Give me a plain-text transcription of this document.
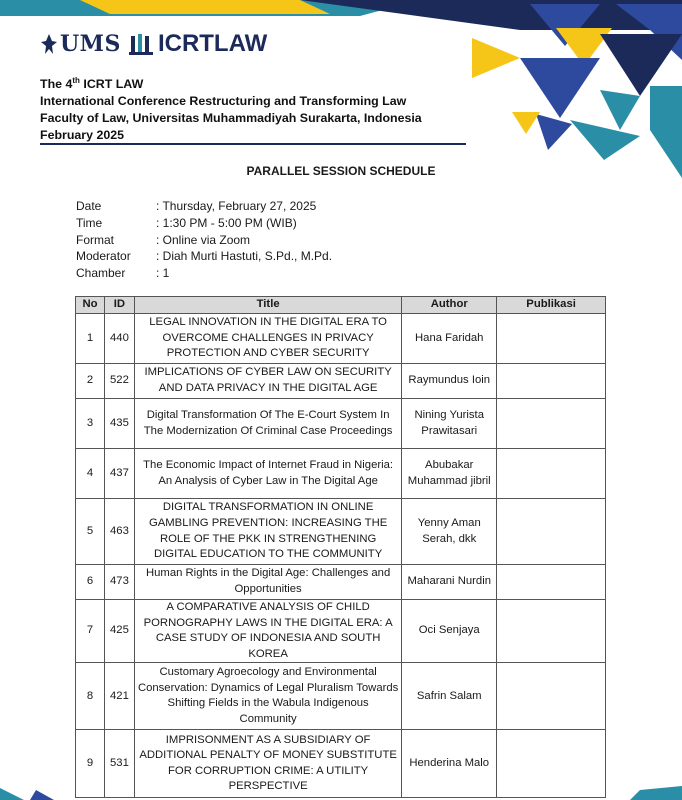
UMS ICRTLAW
The 4th ICRT LAW
International Conference Restructuring and Transforming Law
Faculty of Law, Universitas Muhammadiyah Surakarta, Indonesia
February 2025
PARALLEL SESSION SCHEDULE
Date	: Thursday, February 27, 2025
Time	: 1:30 PM - 5:00 PM (WIB)
Format	: Online via Zoom
Moderator	: Diah Murti Hastuti, S.Pd., M.Pd.
Chamber	: 1
No	ID	Title	Author	Publikasi
1	440	LEGAL INNOVATION IN THE DIGITAL ERA TO OVERCOME CHALLENGES IN PRIVACY PROTECTION AND CYBER SECURITY	Hana Faridah	
2	522	IMPLICATIONS OF CYBER LAW ON SECURITY AND DATA PRIVACY IN THE DIGITAL AGE	Raymundus Ioin	
3	435	Digital Transformation Of The E-Court System In The Modernization Of Criminal Case Proceedings	Nining Yurista Prawitasari	
4	437	The Economic Impact of Internet Fraud in Nigeria: An Analysis of Cyber Law in The Digital Age	Abubakar Muhammad jibril	
5	463	DIGITAL TRANSFORMATION IN ONLINE GAMBLING PREVENTION: INCREASING THE ROLE OF THE PKK IN STRENGTHENING DIGITAL EDUCATION TO THE COMMUNITY	Yenny Aman Serah, dkk	
6	473	Human Rights in the Digital Age: Challenges and Opportunities	Maharani Nurdin	
7	425	A COMPARATIVE ANALYSIS OF CHILD PORNOGRAPHY LAWS IN THE DIGITAL ERA: A CASE STUDY OF INDONESIA AND SOUTH KOREA	Oci Senjaya	
8	421	Customary Agroecology and Environmental Conservation: Dynamics of Legal Pluralism Towards Shifting Fields in the Wabula Indigenous Community	Safrin Salam	
9	531	IMPRISONMENT AS A SUBSIDIARY OF ADDITIONAL PENALTY OF MONEY SUBSTITUTE FOR CORRUPTION CRIME: A UTILITY PERSPECTIVE	Henderina Malo	
